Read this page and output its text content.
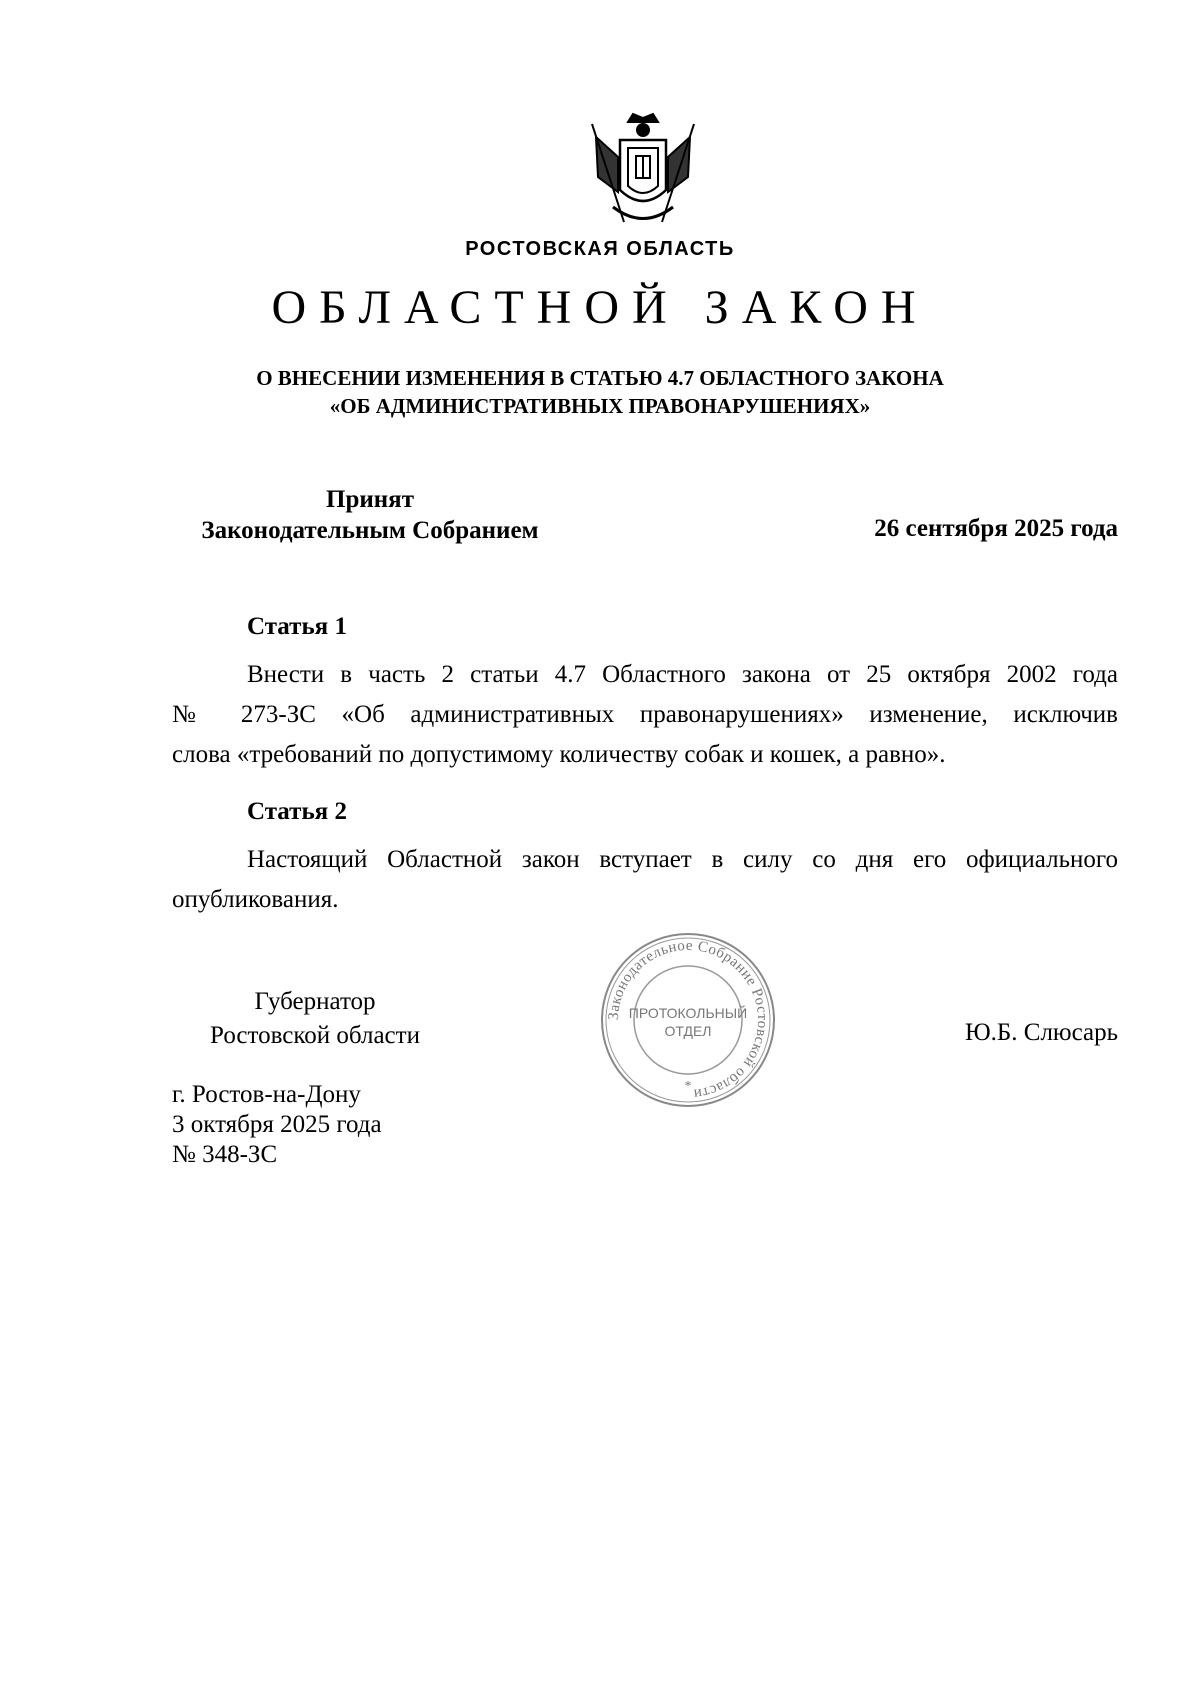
РОСТОВСКАЯ ОБЛАСТЬ
ОБЛАСТНОЙ ЗАКОН
О ВНЕСЕНИИ ИЗМЕНЕНИЯ В СТАТЬЮ 4.7 ОБЛАСТНОГО ЗАКОНА
«ОБ АДМИНИСТРАТИВНЫХ ПРАВОНАРУШЕНИЯХ»
Принят
Законодательным Собранием	26 сентября 2025 года
Статья 1
Внести в часть 2 статьи 4.7 Областного закона от 25 октября 2002 года
№ 273-ЗС «Об административных правонарушениях» изменение, исключив
слова «требований по допустимому количеству собак и кошек, а равно».
Статья 2
Настоящий Областной закон вступает в силу со дня его официального
опубликования.
Губернатор
Ростовской области	Ю.Б. Слюсарь
Законодательное Собрание Ростовской области
ПРОТОКОЛЬНЫЙ
ОТДЕЛ
*
г. Ростов-на-Дону
3 октября 2025 года
№ 348-ЗС
